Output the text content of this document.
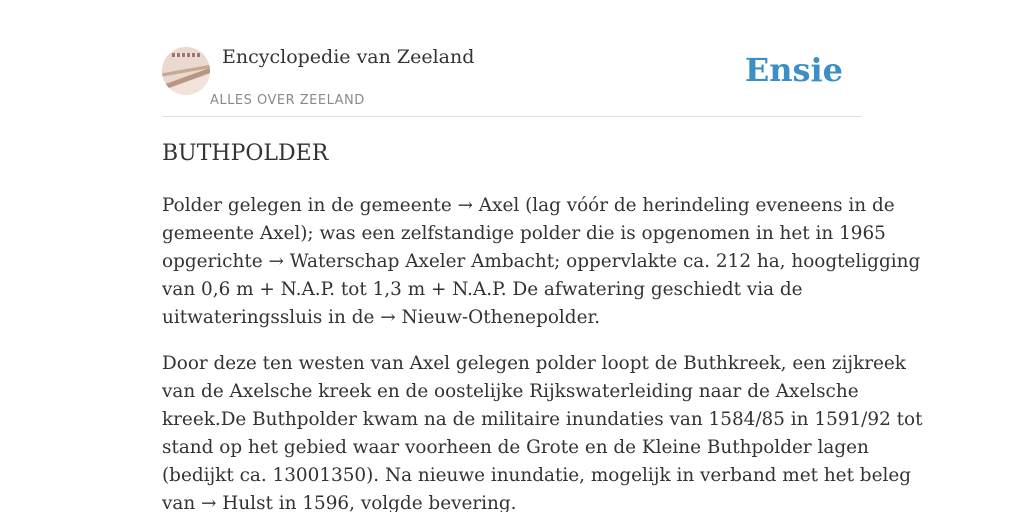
Encyclopedie van Zeeland
ALLES OVER ZEELAND
Ensie
BUTHPOLDER

Polder gelegen in de gemeente → Axel (lag vóór de herindeling eveneens in de
gemeente Axel); was een zelfstandige polder die is opgenomen in het in 1965
opgerichte → Waterschap Axeler Ambacht; oppervlakte ca. 212 ha, hoogteligging
van 0,6 m + N.A.P. tot 1,3 m + N.A.P. De afwatering geschiedt via de
uitwateringssluis in de → Nieuw-Othenepolder.

Door deze ten westen van Axel gelegen polder loopt de Buthkreek, een zijkreek
van de Axelsche kreek en de oostelijke Rijkswaterleiding naar de Axelsche
kreek.De Buthpolder kwam na de militaire inundaties van 1584/85 in 1591/92 tot
stand op het gebied waar voorheen de Grote en de Kleine Buthpolder lagen
(bedijkt ca. 13001350). Na nieuwe inundatie, mogelijk in verband met het beleg
van → Hulst in 1596, volgde bevering.
